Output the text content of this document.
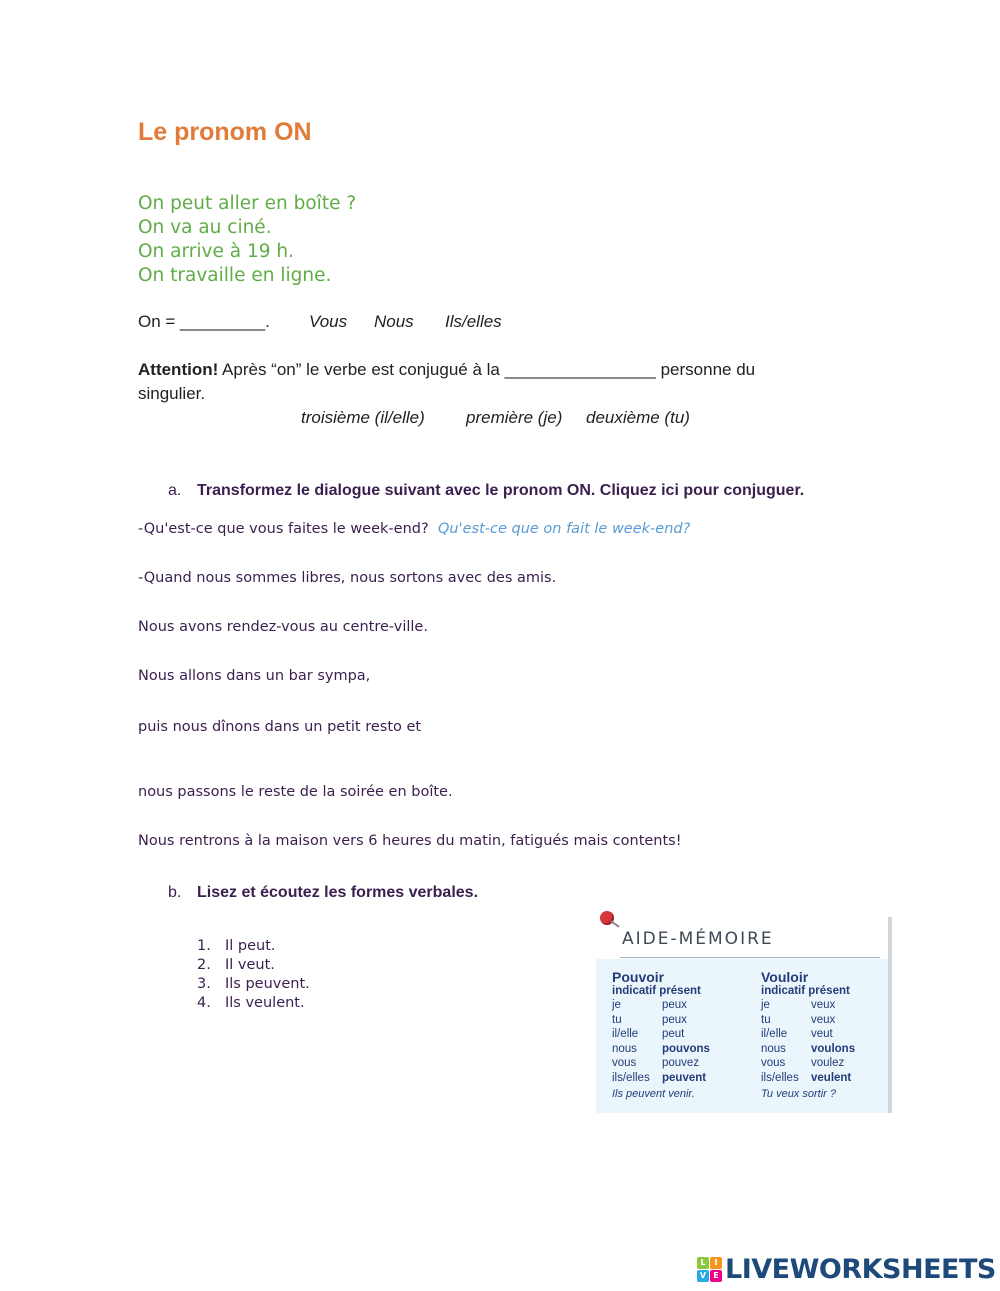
Le pronom ON
On peut aller en boîte ?
On va au ciné.
On arrive à 19 h.
On travaille en ligne.
On = _________. Vous Nous Ils/elles
Attention! Après “on” le verbe est conjugué à la ________________ personne du
singulier.
troisième (il/elle) première (je) deuxième (tu)
a. Transformez le dialogue suivant avec le pronom ON. Cliquez ici pour conjuguer.
-Qu'est-ce que vous faites le week-end? Qu'est-ce que on fait le week-end?
-Quand nous sommes libres, nous sortons avec des amis.
Nous avons rendez-vous au centre-ville.
Nous allons dans un bar sympa,
puis nous dînons dans un petit resto et
nous passons le reste de la soirée en boîte.
Nous rentrons à la maison vers 6 heures du matin, fatigués mais contents!
b. Lisez et écoutez les formes verbales.
1. Il peut.
2. Il veut.
3. Ils peuvent.
4. Ils veulent.
AIDE-MÉMOIRE
Pouvoir
indicatif présent
je	peux
tu	peux
il/elle peut
nous pouvons
vous pouvez
ils/elles peuvent
Ils peuvent venir.
Vouloir
indicatif présent
je	veux
tu	veux
il/elle veut
nous voulons
vous voulez
ils/elles veulent
Tu veux sortir ?
L	I
V E LIVEWORKSHEETS
